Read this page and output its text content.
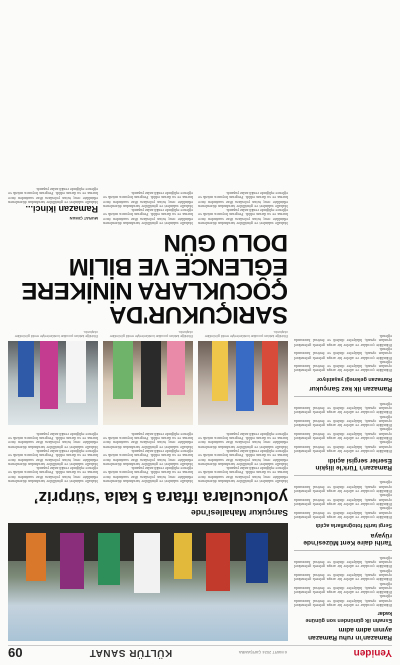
Yeniden
6 MART 2024 ÇARŞAMBA
KÜLTÜR SANAT
09
Ramazan’ın ruhu Ramazan ayının adım adım
Esnafın ilk gününden son gününe kadar

Etkinlikte çocuklar ve aileler bir araya gelerek geleneksel oyunları oynadı, hikâyeler dinledi ve festival havasında eğlendi.

Etkinlikte çocuklar ve aileler bir araya gelerek geleneksel oyunları oynadı, hikâyeler dinledi ve festival havasında eğlendi.

Etkinlikte çocuklar ve aileler bir araya gelerek geleneksel oyunları oynadı, hikâyeler dinledi ve festival havasında eğlendi.

Etkinlikte çocuklar ve aileler bir araya gelerek geleneksel oyunları oynadı, hikâyeler dinledi ve festival havasında eğlendi.

Tarihi daire Kent Müzesi'nde rüyaya
Sergi tarihî fotoğraflarla açıldı

Etkinlikte çocuklar ve aileler bir araya gelerek geleneksel oyunları oynadı, hikâyeler dinledi ve festival havasında eğlendi.

Etkinlikte çocuklar ve aileler bir araya gelerek geleneksel oyunları oynadı, hikâyeler dinledi ve festival havasında eğlendi.

Etkinlikte çocuklar ve aileler bir araya gelerek geleneksel oyunları oynadı, hikâyeler dinledi ve festival havasında eğlendi.

Ramazan’ı Türk’le ilişkin Eserler sergisi açıldı

Etkinlikte çocuklar ve aileler bir araya gelerek geleneksel oyunları oynadı, hikâyeler dinledi ve festival havasında eğlendi.

Etkinlikte çocuklar ve aileler bir araya gelerek geleneksel oyunları oynadı, hikâyeler dinledi ve festival havasında eğlendi.

Etkinlikte çocuklar ve aileler bir araya gelerek geleneksel oyunları oynadı, hikâyeler dinledi ve festival havasında eğlendi.

Etkinlikte çocuklar ve aileler bir araya gelerek geleneksel oyunları oynadı, hikâyeler dinledi ve festival havasında eğlendi.

Ramazan ilk kez Sarıçukur
Ramazan geleneği yaşatılıyor

Etkinlikte çocuklar ve aileler bir araya gelerek geleneksel oyunları oynadı, hikâyeler dinledi ve festival havasında eğlendi.

Etkinlikte çocuklar ve aileler bir araya gelerek geleneksel oyunları oynadı, hikâyeler dinledi ve festival havasında eğlendi.

Etkinlikte çocuklar ve aileler bir araya gelerek geleneksel oyunları oynadı, hikâyeler dinledi ve festival havasında eğlendi.

Sarıçukur Mahallesi'nde
yoluculara iftara 5 kala ‘sürpriz’

Mahalle sakinleri ve gönüllüler tarafından düzenlenen etkinlikte oruç tutan yolculara iftar saatinden önce hurma ve su ikram edildi. Program boyunca müzik ve eğlence eşliğinde renkli anlar yaşandı.

Mahalle sakinleri ve gönüllüler tarafından düzenlenen etkinlikte oruç tutan yolculara iftar saatinden önce hurma ve su ikram edildi. Program boyunca müzik ve eğlence eşliğinde renkli anlar yaşandı.

Mahalle sakinleri ve gönüllüler tarafından düzenlenen etkinlikte oruç tutan yolculara iftar saatinden önce hurma ve su ikram edildi. Program boyunca müzik ve eğlence eşliğinde renkli anlar yaşandı.

Mahalle sakinleri ve gönüllüler tarafından düzenlenen etkinlikte oruç tutan yolculara iftar saatinden önce hurma ve su ikram edildi. Program boyunca müzik ve eğlence eşliğinde renkli anlar yaşandı.

Mahalle sakinleri ve gönüllüler tarafından düzenlenen etkinlikte oruç tutan yolculara iftar saatinden önce hurma ve su ikram edildi. Program boyunca müzik ve eğlence eşliğinde renkli anlar yaşandı.

Mahalle sakinleri ve gönüllüler tarafından düzenlenen etkinlikte oruç tutan yolculara iftar saatinden önce hurma ve su ikram edildi. Program boyunca müzik ve eğlence eşliğinde renkli anlar yaşandı.

Mahalle sakinleri ve gönüllüler tarafından düzenlenen etkinlikte oruç tutan yolculara iftar saatinden önce hurma ve su ikram edildi. Program boyunca müzik ve eğlence eşliğinde renkli anlar yaşandı.

Mahalle sakinleri ve gönüllüler tarafından düzenlenen etkinlikte oruç tutan yolculara iftar saatinden önce hurma ve su ikram edildi. Program boyunca müzik ve eğlence eşliğinde renkli anlar yaşandı.

Mahalle sakinleri ve gönüllüler tarafından düzenlenen etkinlikte oruç tutan yolculara iftar saatinden önce hurma ve su ikram edildi. Program boyunca müzik ve eğlence eşliğinde renkli anlar yaşandı.

Etkinliğe katılan çocuklar kostümleriyle renkli görüntüler oluşturdu.
Etkinliğe katılan çocuklar kostümleriyle renkli görüntüler oluşturdu.
Etkinliğe katılan çocuklar kostümleriyle renkli görüntüler oluşturdu.
SARIÇUKUR'DA ÇOCUKLARA NİNİKERE EĞLENCE VE BİLİM DOLU GÜN

Mahalle sakinleri ve gönüllüler tarafından düzenlenen etkinlikte oruç tutan yolculara iftar saatinden önce hurma ve su ikram edildi. Program boyunca müzik ve eğlence eşliğinde renkli anlar yaşandı.

Mahalle sakinleri ve gönüllüler tarafından düzenlenen etkinlikte oruç tutan yolculara iftar saatinden önce hurma ve su ikram edildi. Program boyunca müzik ve eğlence eşliğinde renkli anlar yaşandı.

Mahalle sakinleri ve gönüllüler tarafından düzenlenen etkinlikte oruç tutan yolculara iftar saatinden önce hurma ve su ikram edildi. Program boyunca müzik ve eğlence eşliğinde renkli anlar yaşandı.

Mahalle sakinleri ve gönüllüler tarafından düzenlenen etkinlikte oruç tutan yolculara iftar saatinden önce hurma ve su ikram edildi. Program boyunca müzik ve eğlence eşliğinde renkli anlar yaşandı.

MURAT ÇIMAN
Ramazan ikinci...

Mahalle sakinleri ve gönüllüler tarafından düzenlenen etkinlikte oruç tutan yolculara iftar saatinden önce hurma ve su ikram edildi. Program boyunca müzik ve eğlence eşliğinde renkli anlar yaşandı.
